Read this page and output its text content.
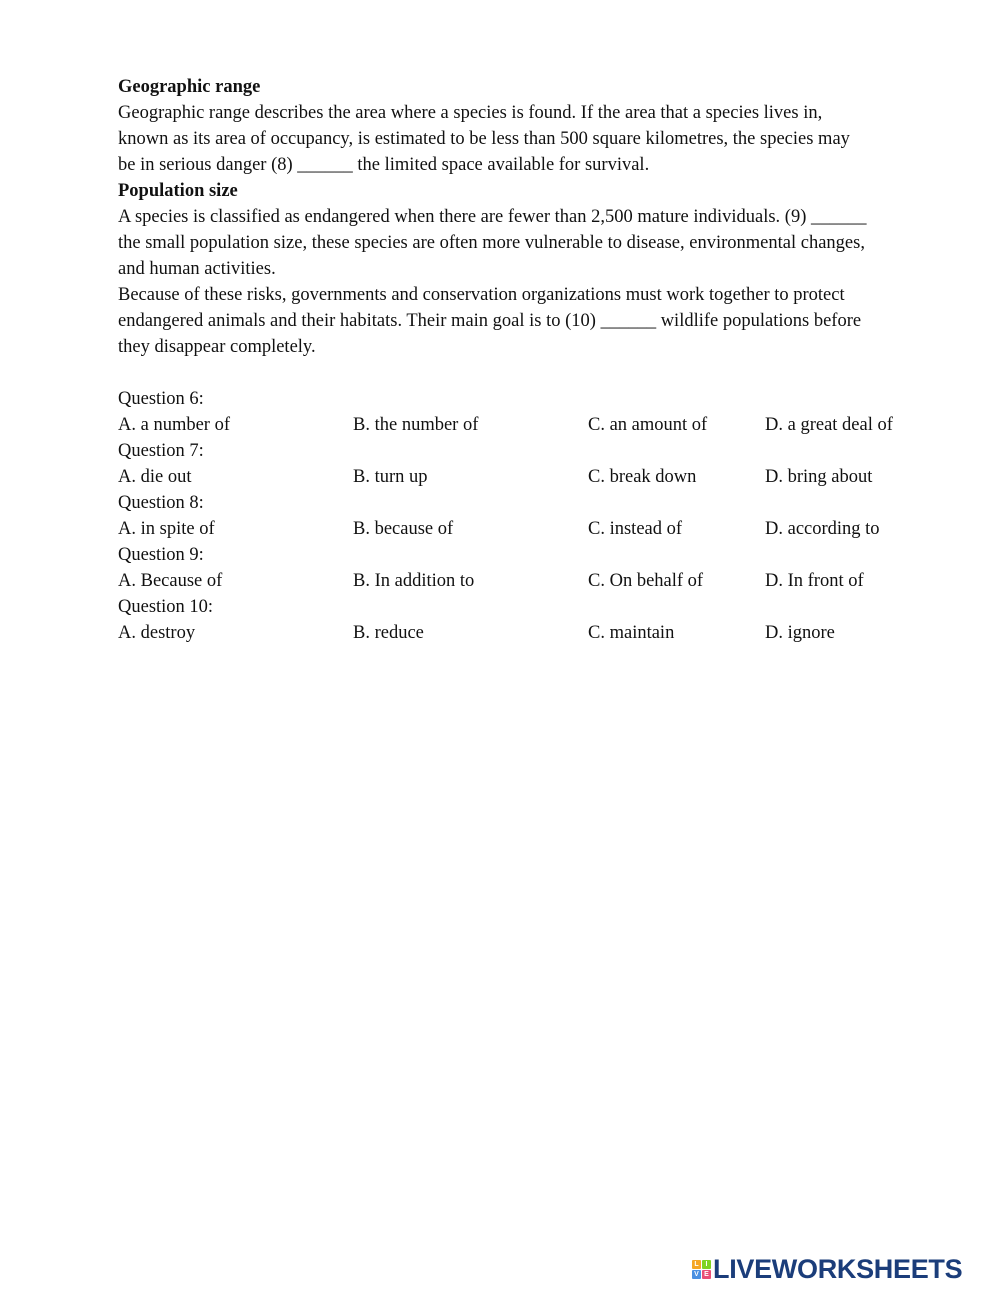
Geographic range
Geographic range describes the area where a species is found. If the area that a species lives in,
known as its area of occupancy, is estimated to be less than 500 square kilometres, the species may
be in serious danger (8) ______ the limited space available for survival.
Population size
A species is classified as endangered when there are fewer than 2,500 mature individuals. (9) ______
the small population size, these species are often more vulnerable to disease, environmental changes,
and human activities.
Because of these risks, governments and conservation organizations must work together to protect
endangered animals and their habitats. Their main goal is to (10) ______ wildlife populations before
they disappear completely.
Question 6:
A. a number of	B. the number of	C. an amount of	D. a great deal of
Question 7:
A. die out	B. turn up	C. break down	D. bring about
Question 8:
A. in spite of	B. because of	C. instead of	D. according to
Question 9:
A. Because of	B. In addition to	C. On behalf of	D. In front of
Question 10:
A. destroy	B. reduce	C. maintain	D. ignore
L I
V E LIVEWORKSHEETS
